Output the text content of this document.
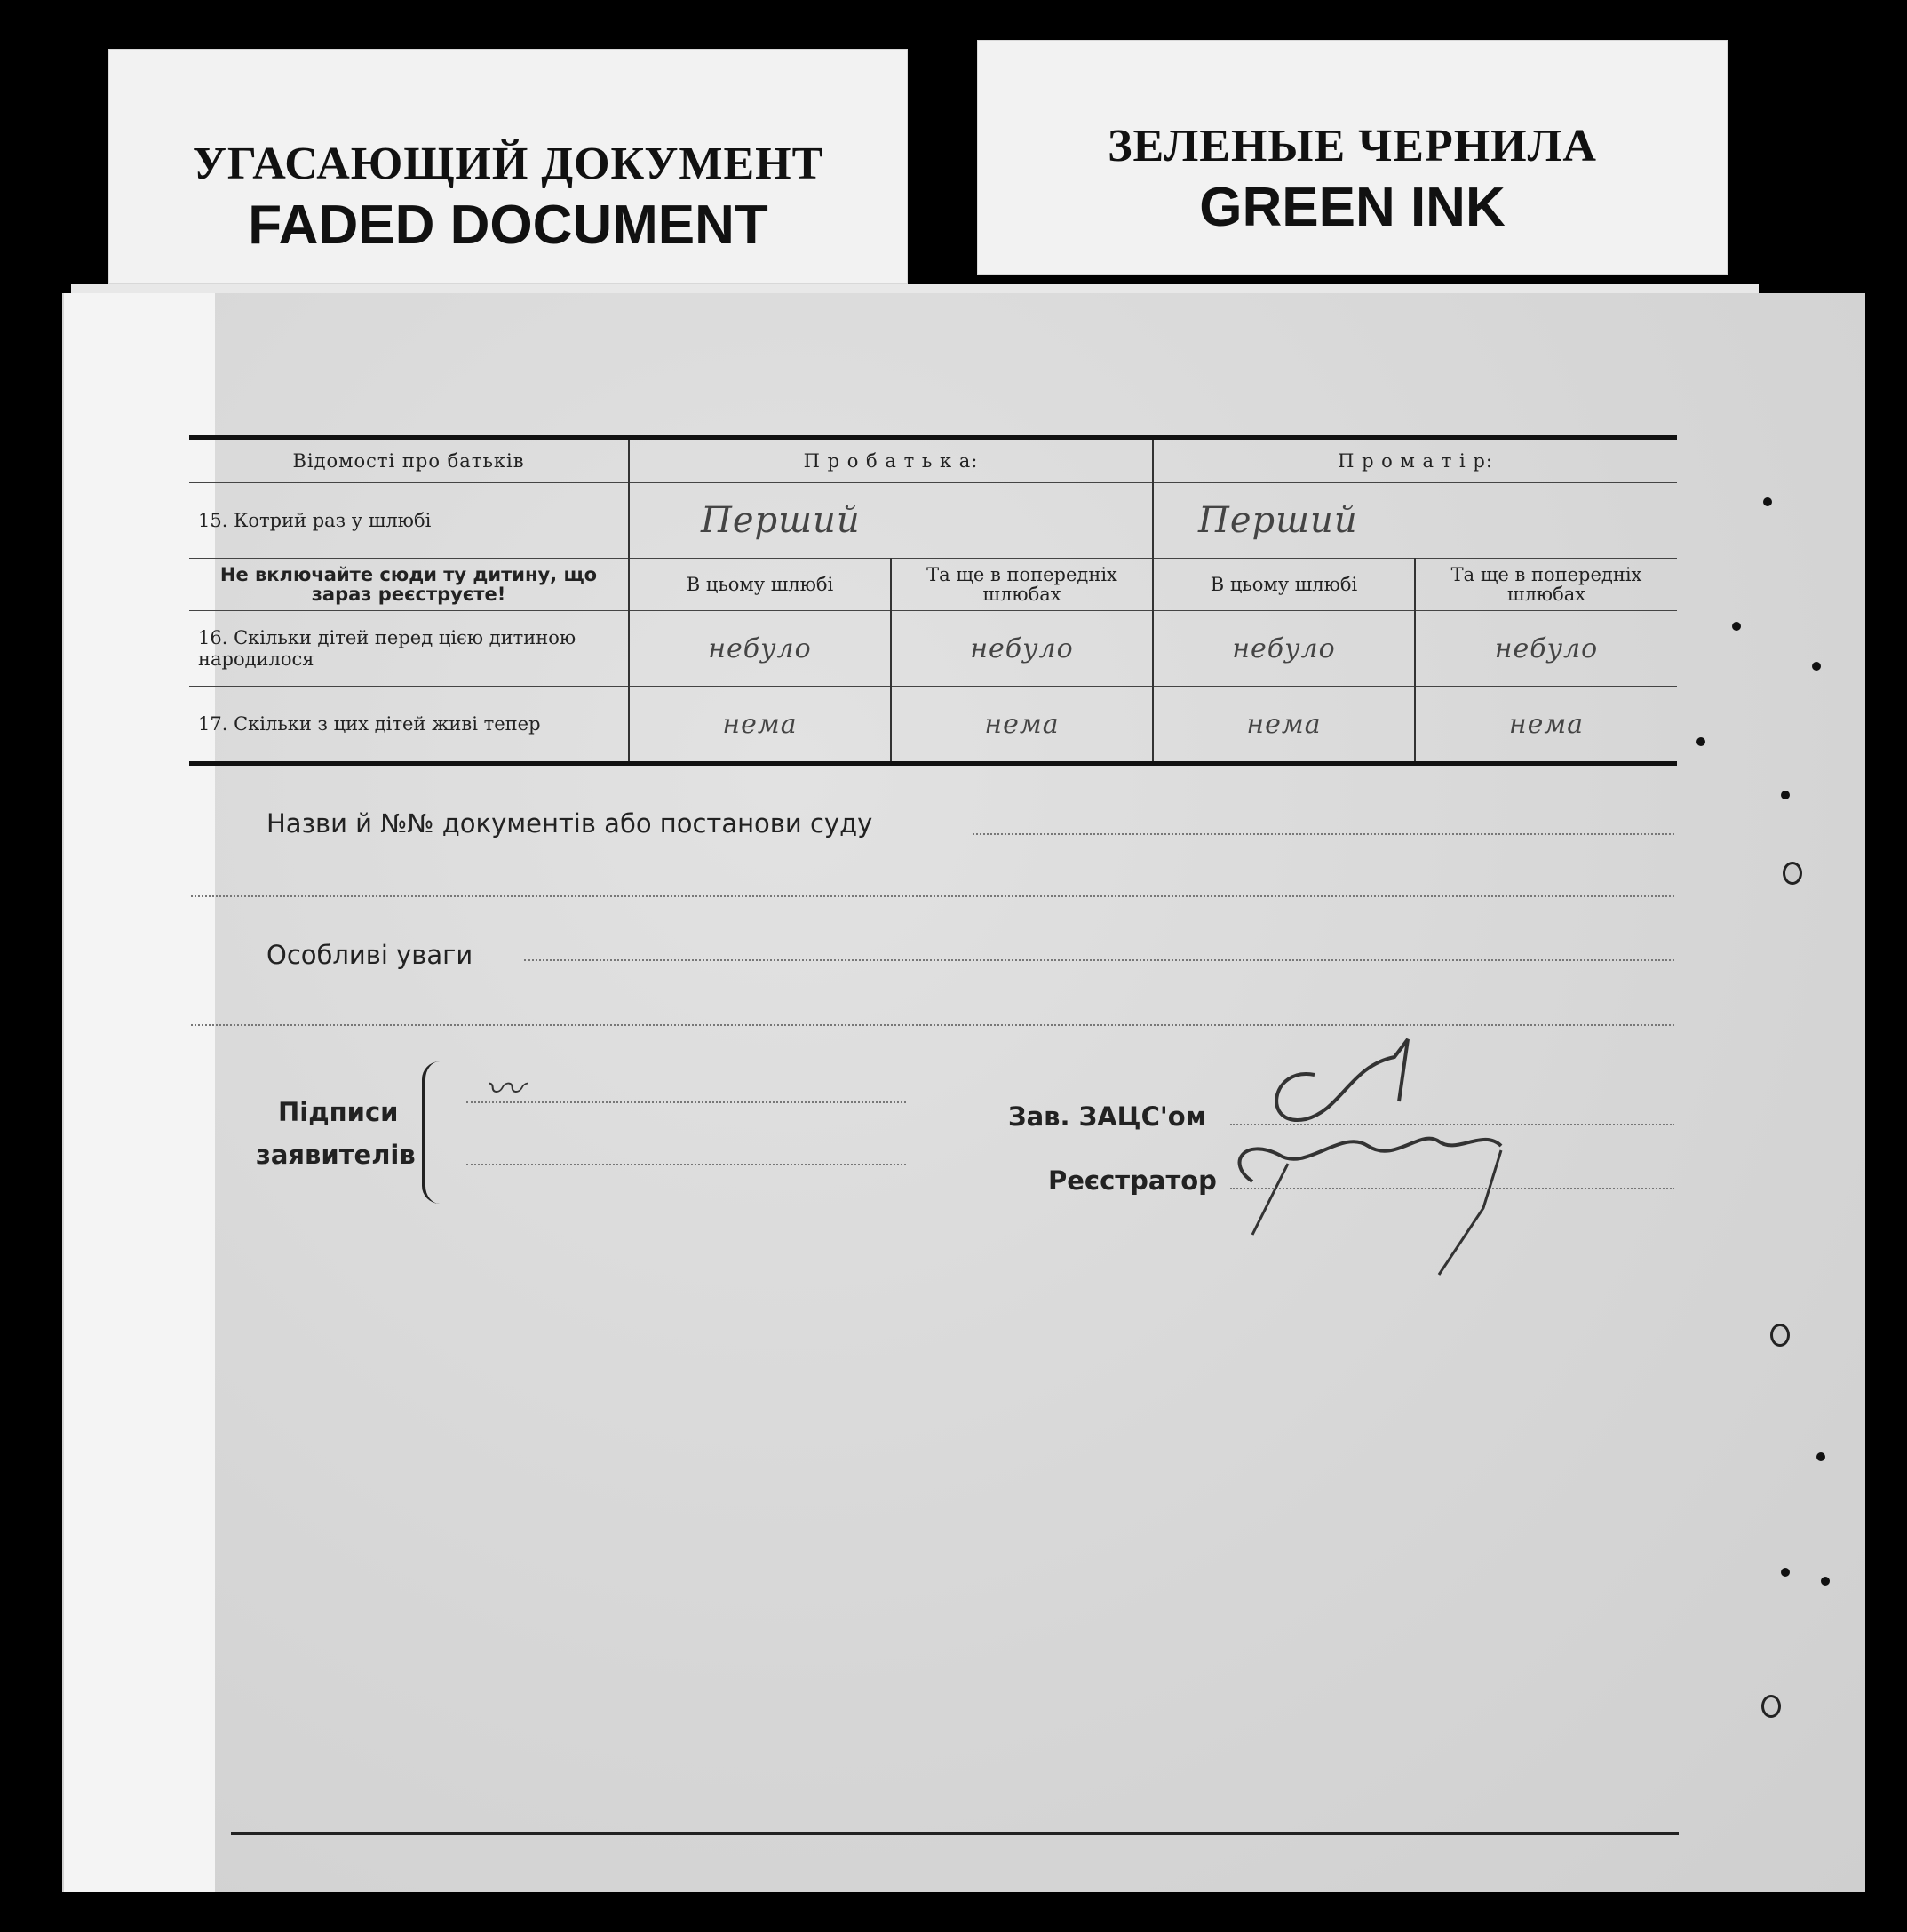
УГАСАЮЩИЙ ДОКУМЕНТ
FADED DOCUMENT
ЗЕЛЕНЫЕ ЧЕРНИЛА
GREEN INK
Відомості про батьків	П р о б а т ь к а:		П р о м а т і р:	
15. Котрий раз у шлюбі	Перший		Перший	
Не включайте сюди ту дитину, що зараз реєструєте!	В цьому шлюбі	Та ще в попередніх шлюбах	В цьому шлюбі	Та ще в попередніх шлюбах
16. Скільки дітей перед цією дитиною народилося	небуло	небуло	небуло	небуло
17. Скільки з цих дітей живі тепер	нема	нема	нема	нема
Назви й №№ документів або постанови суду
Особливі уваги
Підписи
заявителів
〰
Зав. ЗАЦС'ом
Реєстратор
